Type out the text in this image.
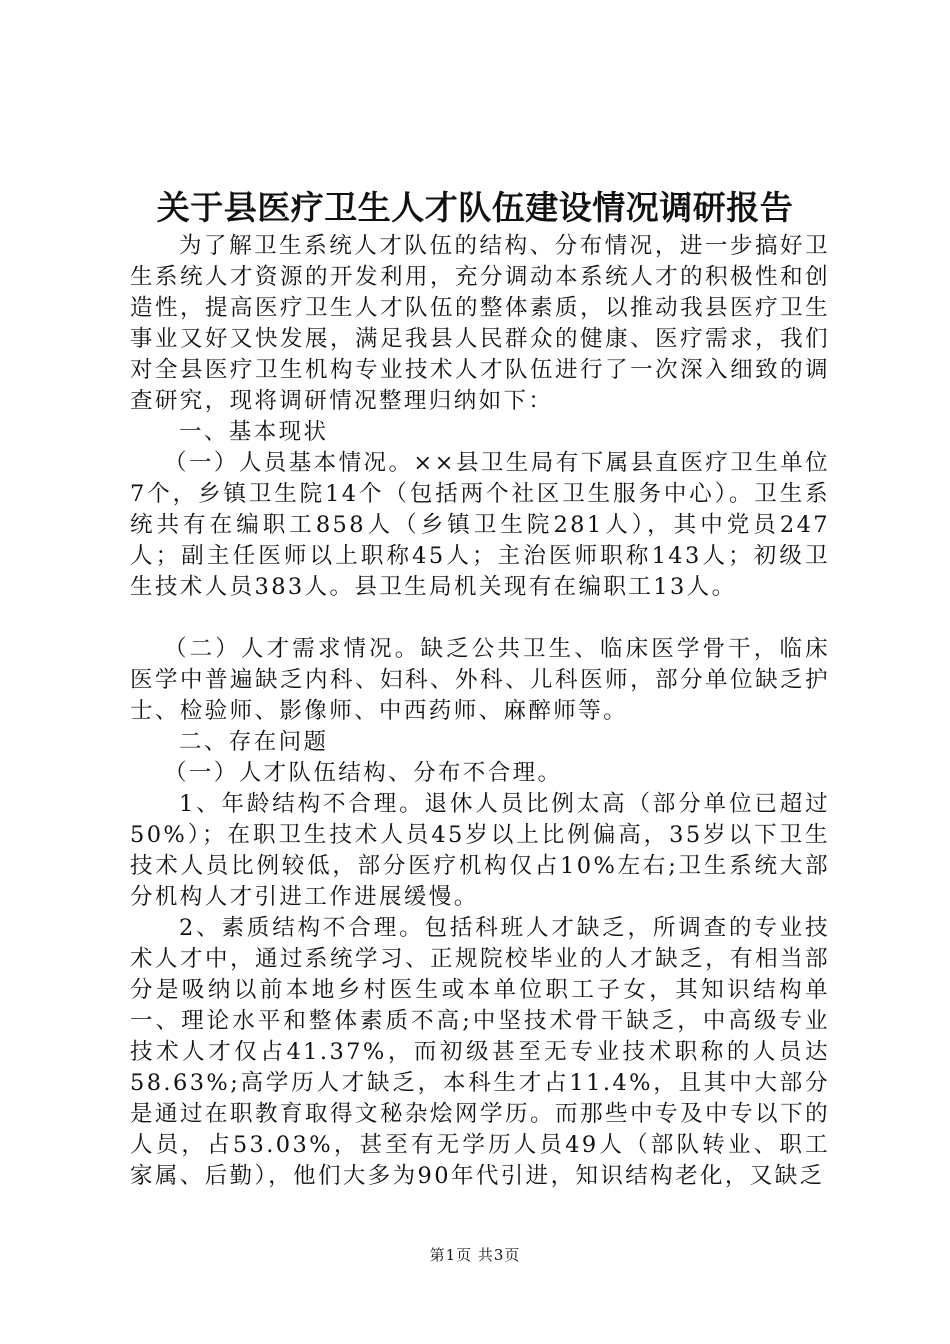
关于县医疗卫生人才队伍建设情况调研报告

为了解卫生系统人才队伍的结构、分布情况，进一步搞好卫生系统人才资源的开发利用，充分调动本系统人才的积极性和创造性，提高医疗卫生人才队伍的整体素质，以推动我县医疗卫生事业又好又快发展，满足我县人民群众的健康、医疗需求，我们对全县医疗卫生机构专业技术人才队伍进行了一次深入细致的调查研究，现将调研情况整理归纳如下：

一、基本现状

（一）人员基本情况。××县卫生局有下属县直医疗卫生单位7个，乡镇卫生院14个（包括两个社区卫生服务中心）。卫生系统共有在编职工858人（乡镇卫生院281人），其中党员247人；副主任医师以上职称45人；主治医师职称143人；初级卫生技术人员383人。县卫生局机关现有在编职工13人。

（二）人才需求情况。缺乏公共卫生、临床医学骨干，临床医学中普遍缺乏内科、妇科、外科、儿科医师，部分单位缺乏护士、检验师、影像师、中西药师、麻醉师等。

二、存在问题

（一）人才队伍结构、分布不合理。

1、年龄结构不合理。退休人员比例太高（部分单位已超过50%）；在职卫生技术人员45岁以上比例偏高，35岁以下卫生技术人员比例较低，部分医疗机构仅占10%左右;卫生系统大部分机构人才引进工作进展缓慢。

2、素质结构不合理。包括科班人才缺乏，所调查的专业技术人才中，通过系统学习、正规院校毕业的人才缺乏，有相当部分是吸纳以前本地乡村医生或本单位职工子女，其知识结构单一、理论水平和整体素质不高;中坚技术骨干缺乏，中高级专业技术人才仅占41.37%，而初级甚至无专业技术职称的人员达58.63%;高学历人才缺乏，本科生才占11.4%，且其中大部分是通过在职教育取得文秘杂烩网学历。而那些中专及中专以下的人员，占53.03%，甚至有无学历人员49人（部队转业、职工家属、后勤），他们大多为90年代引进，知识结构老化，又缺乏

第1页 共3页
